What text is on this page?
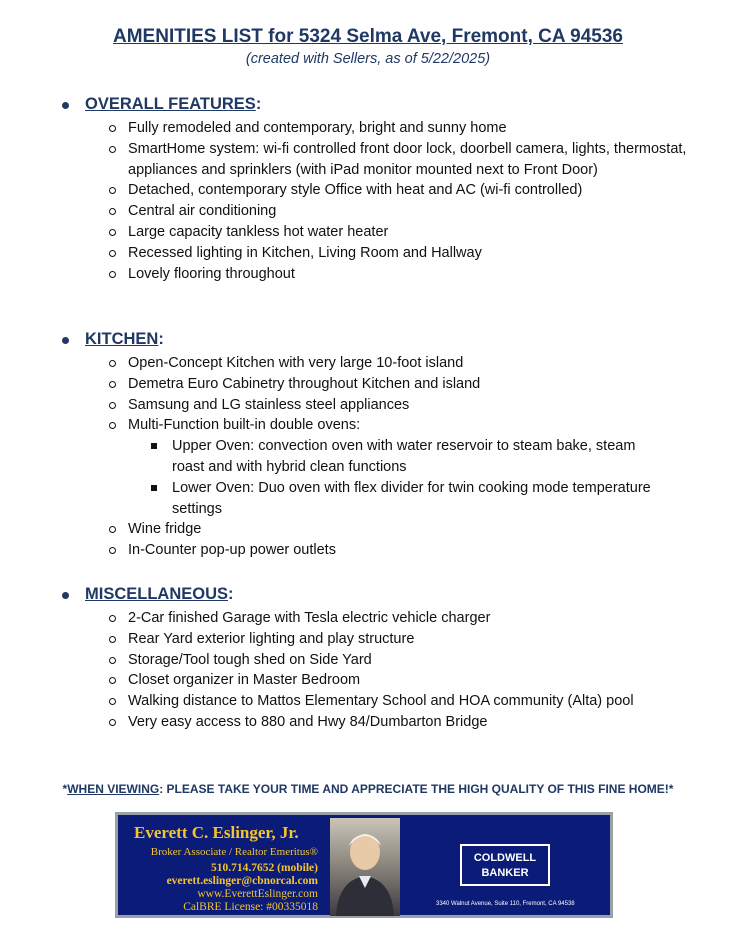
AMENITIES LIST for 5324 Selma Ave, Fremont, CA 94536
(created with Sellers, as of 5/22/2025)
OVERALL FEATURES:
Fully remodeled and contemporary, bright and sunny home
SmartHome system: wi-fi controlled front door lock, doorbell camera, lights, thermostat, appliances and sprinklers (with iPad monitor mounted next to Front Door)
Detached, contemporary style Office with heat and AC (wi-fi controlled)
Central air conditioning
Large capacity tankless hot water heater
Recessed lighting in Kitchen, Living Room and Hallway
Lovely flooring throughout
KITCHEN:
Open-Concept Kitchen with very large 10-foot island
Demetra Euro Cabinetry throughout Kitchen and island
Samsung and LG stainless steel appliances
Multi-Function built-in double ovens:
Upper Oven: convection oven with water reservoir to steam bake, steam roast and with hybrid clean functions
Lower Oven: Duo oven with flex divider for twin cooking mode temperature settings
Wine fridge
In-Counter pop-up power outlets
MISCELLANEOUS:
2-Car finished Garage with Tesla electric vehicle charger
Rear Yard exterior lighting and play structure
Storage/Tool tough shed on Side Yard
Closet organizer in Master Bedroom
Walking distance to Mattos Elementary School and HOA community (Alta) pool
Very easy access to 880 and Hwy 84/Dumbarton Bridge
*WHEN VIEWING: PLEASE TAKE YOUR TIME AND APPRECIATE THE HIGH QUALITY OF THIS FINE HOME!*
Everett C. Eslinger, Jr.
Broker Associate / Realtor Emeritus®
510.714.7652 (mobile)
everett.eslinger@cbnorcal.com
www.EverettEslinger.com
CalBRE License: #00335018
COLDWELL
BANKER
3340 Walnut Avenue, Suite 110, Fremont, CA 94538
